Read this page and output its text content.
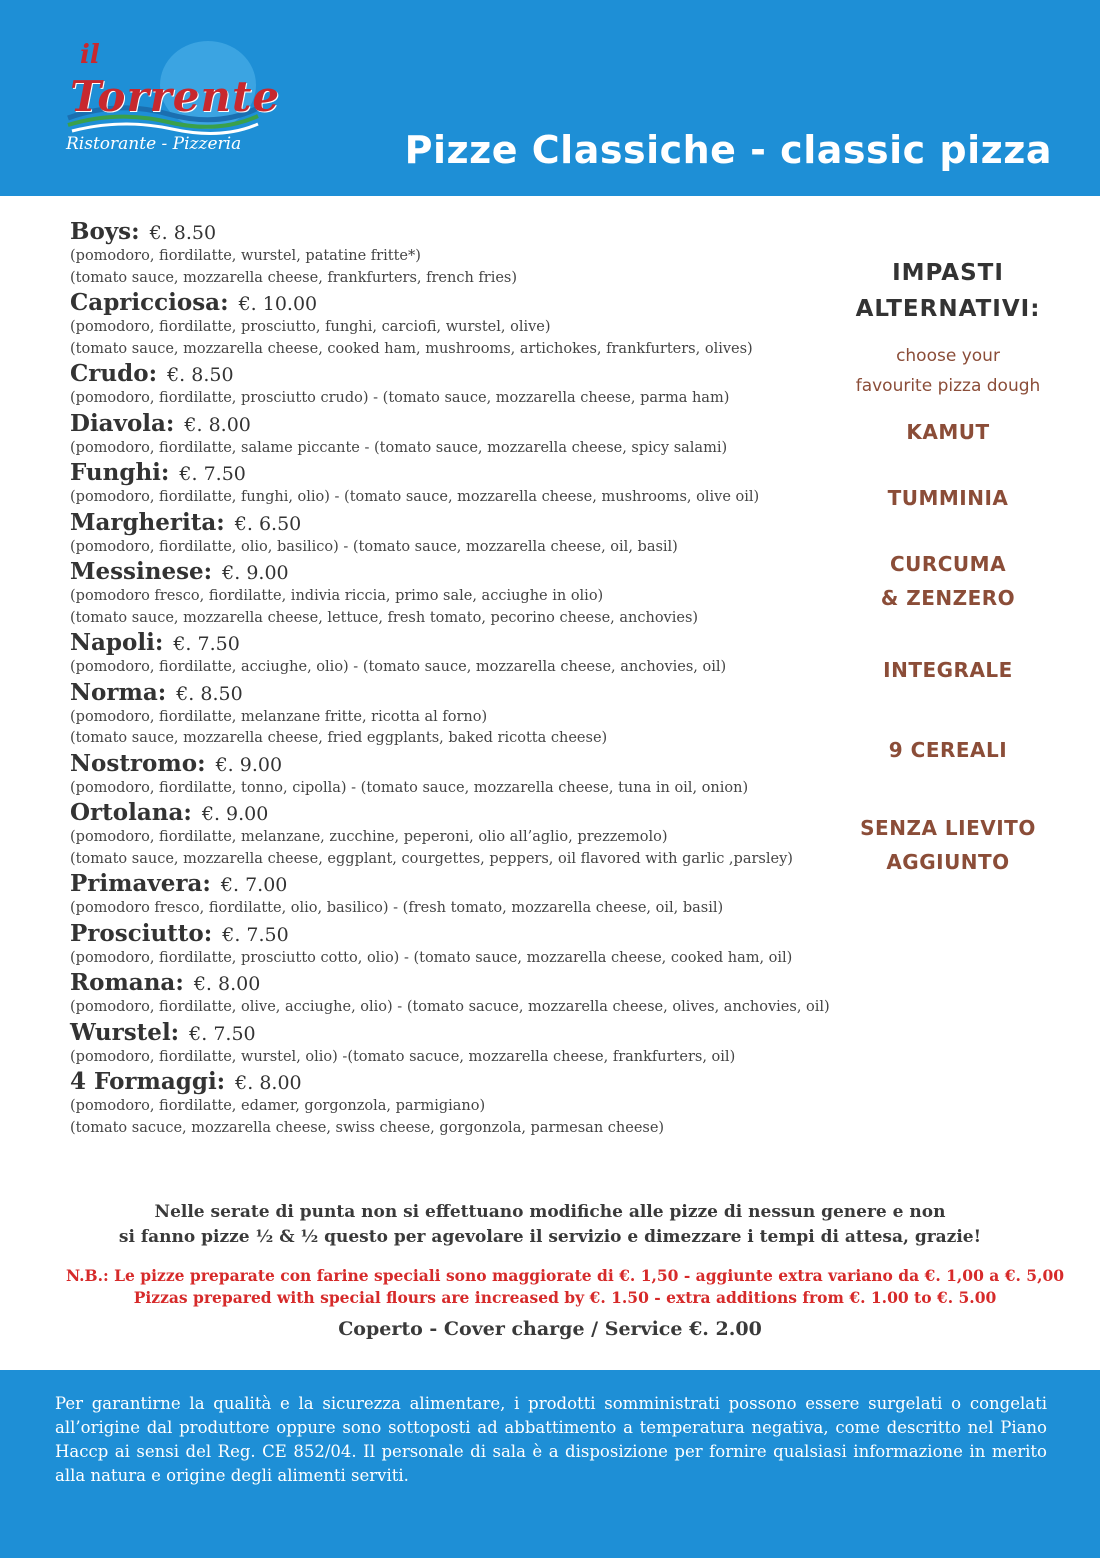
il
Torrente
Ristorante - Pizzeria	Pizze Classiche - classic pizza
Boys: €. 8.50
(pomodoro, fiordilatte, wurstel, patatine fritte*)
(tomato sauce, mozzarella cheese, frankfurters, french fries)
Capricciosa: €. 10.00
(pomodoro, fiordilatte, prosciutto, funghi, carciofi, wurstel, olive)
(tomato sauce, mozzarella cheese, cooked ham, mushrooms, artichokes, frankfurters, olives)
Crudo: €. 8.50
(pomodoro, fiordilatte, prosciutto crudo) - (tomato sauce, mozzarella cheese, parma ham)
Diavola: €. 8.00
(pomodoro, fiordilatte, salame piccante - (tomato sauce, mozzarella cheese, spicy salami)
Funghi: €. 7.50
(pomodoro, fiordilatte, funghi, olio) - (tomato sauce, mozzarella cheese, mushrooms, olive oil)
Margherita: €. 6.50
(pomodoro, fiordilatte, olio, basilico) - (tomato sauce, mozzarella cheese, oil, basil)
Messinese: €. 9.00
(pomodoro fresco, fiordilatte, indivia riccia, primo sale, acciughe in olio)
(tomato sauce, mozzarella cheese, lettuce, fresh tomato, pecorino cheese, anchovies)
Napoli: €. 7.50
(pomodoro, fiordilatte, acciughe, olio) - (tomato sauce, mozzarella cheese, anchovies, oil)
Norma: €. 8.50
(pomodoro, fiordilatte, melanzane fritte, ricotta al forno)
(tomato sauce, mozzarella cheese, fried eggplants, baked ricotta cheese)
Nostromo: €. 9.00
(pomodoro, fiordilatte, tonno, cipolla) - (tomato sauce, mozzarella cheese, tuna in oil, onion)
Ortolana: €. 9.00
(pomodoro, fiordilatte, melanzane, zucchine, peperoni, olio all’aglio, prezzemolo)
(tomato sauce, mozzarella cheese, eggplant, courgettes, peppers, oil flavored with garlic ,parsley)
Primavera: €. 7.00
(pomodoro fresco, fiordilatte, olio, basilico) - (fresh tomato, mozzarella cheese, oil, basil)
Prosciutto: €. 7.50
(pomodoro, fiordilatte, prosciutto cotto, olio) - (tomato sauce, mozzarella cheese, cooked ham, oil)
Romana: €. 8.00
(pomodoro, fiordilatte, olive, acciughe, olio) - (tomato sacuce, mozzarella cheese, olives, anchovies, oil)
Wurstel: €. 7.50
(pomodoro, fiordilatte, wurstel, olio) -(tomato sacuce, mozzarella cheese, frankfurters, oil)
4 Formaggi: €. 8.00
(pomodoro, fiordilatte, edamer, gorgonzola, parmigiano)
(tomato sacuce, mozzarella cheese, swiss cheese, gorgonzola, parmesan cheese)
IMPASTI
ALTERNATIVI:
choose your
favourite pizza dough
KAMUT
TUMMINIA
CURCUMA
& ZENZERO
INTEGRALE
9 CEREALI
SENZA LIEVITO
AGGIUNTO
Nelle serate di punta non si effettuano modifiche alle pizze di nessun genere e non
si fanno pizze ½ & ½ questo per agevolare il servizio e dimezzare i tempi di attesa, grazie!
N.B.: Le pizze preparate con farine speciali sono maggiorate di €. 1,50 - aggiunte extra variano da €. 1,00 a €. 5,00
Pizzas prepared with special flours are increased by €. 1.50 - extra additions from €. 1.00 to €. 5.00
Coperto - Cover charge / Service €. 2.00
Per garantirne la qualità e la sicurezza alimentare, i prodotti somministrati possono essere surgelati o congelati all’origine dal produttore oppure sono sottoposti ad abbattimento a temperatura negativa, come descritto nel Piano Haccp ai sensi del Reg. CE 852/04. Il personale di sala è a disposizione per fornire qualsiasi informazione in merito alla natura e origine degli alimenti serviti.
